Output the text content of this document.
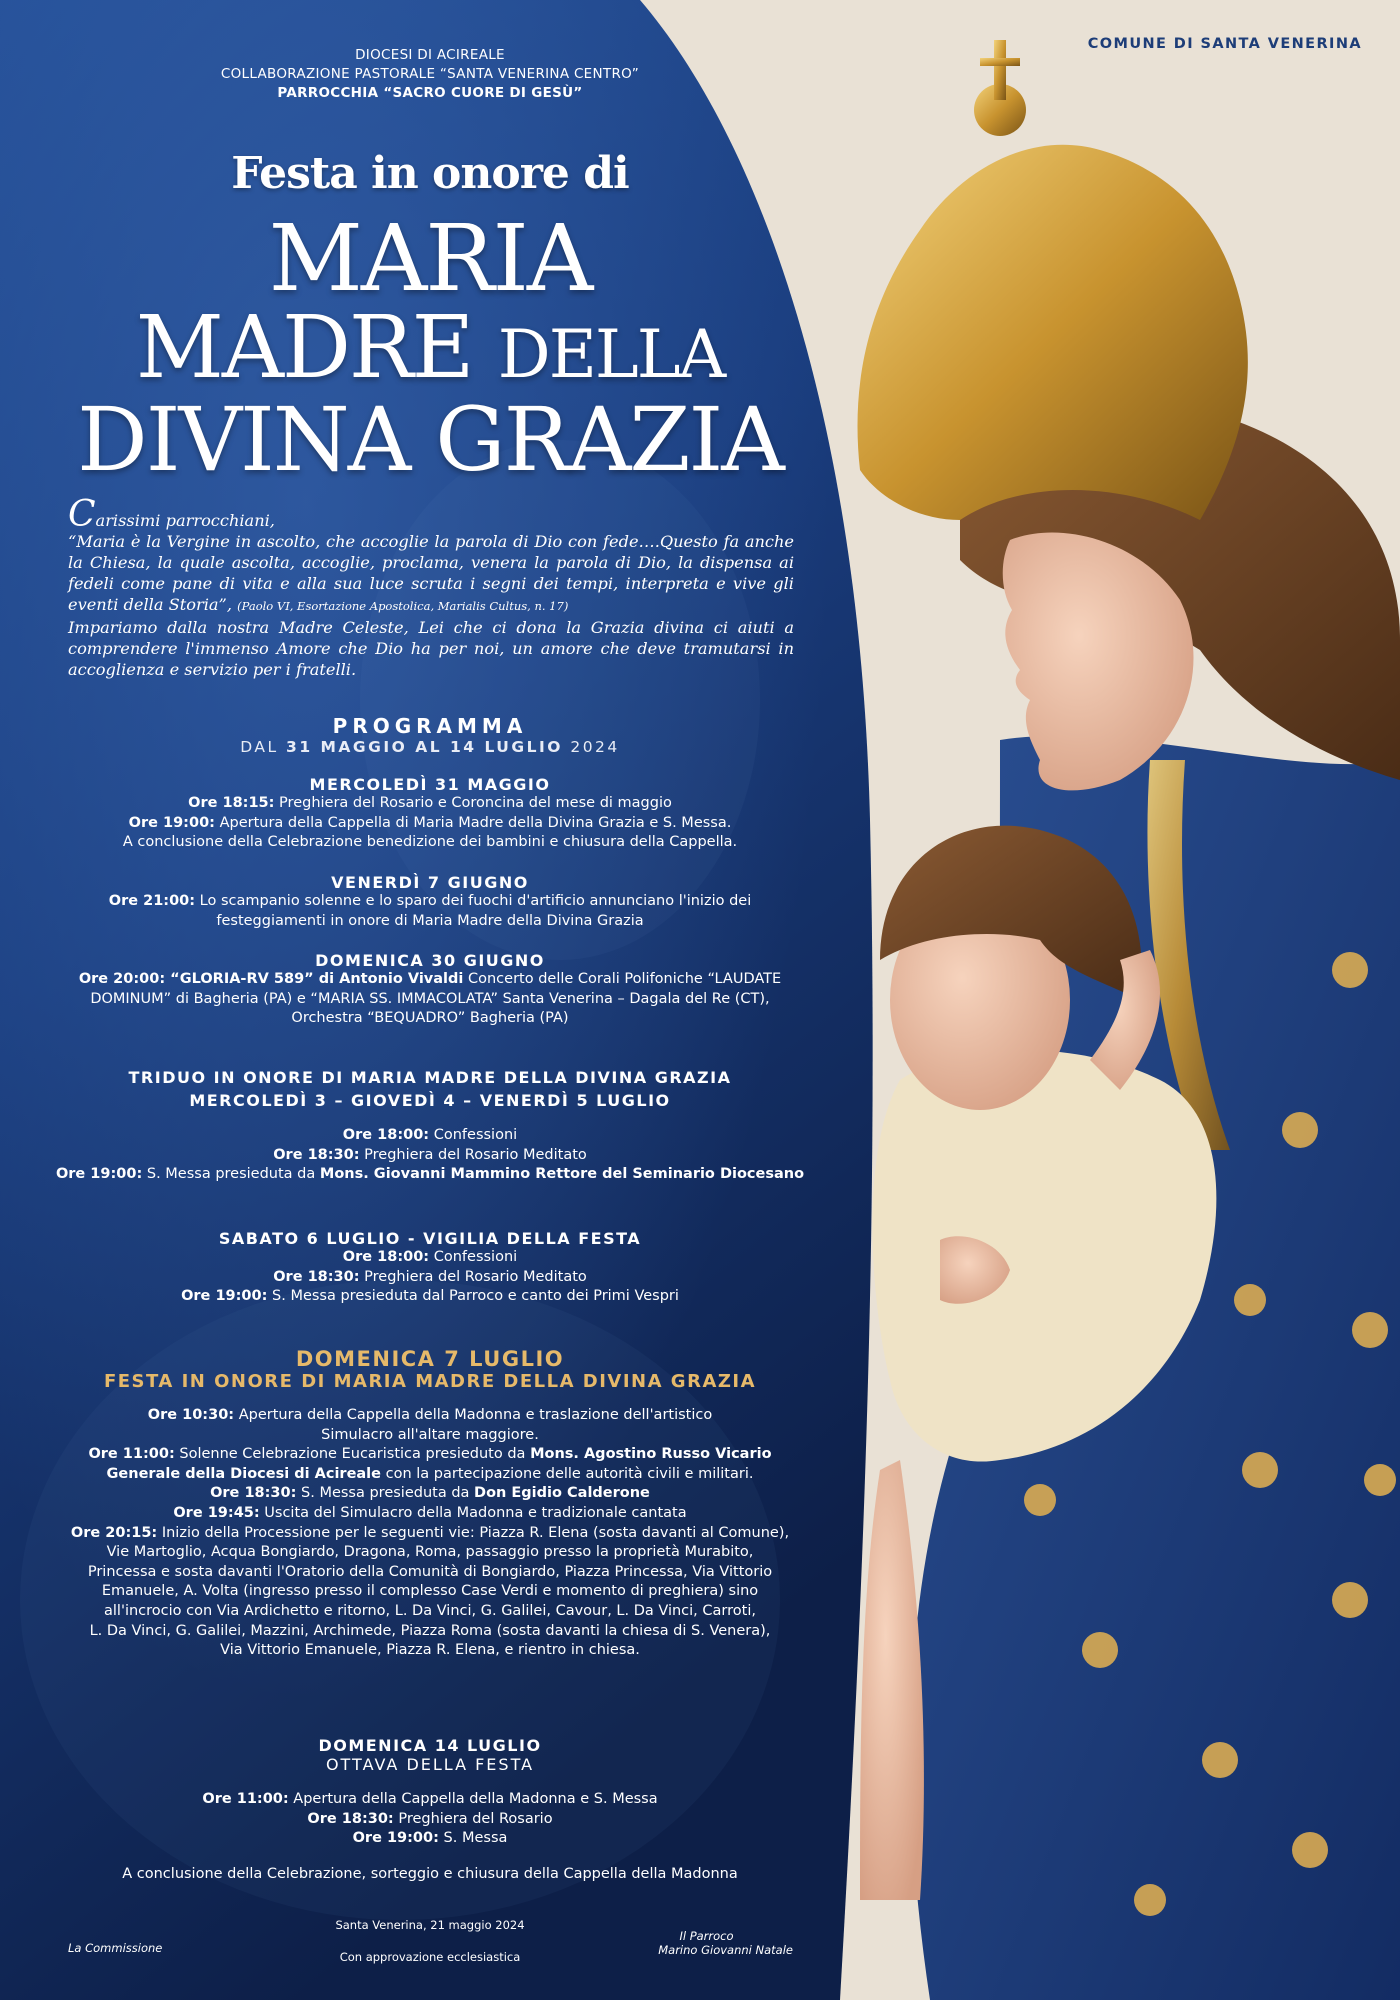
COMUNE DI SANTA VENERINA
DIOCESI DI ACIREALE
COLLABORAZIONE PASTORALE “SANTA VENERINA CENTRO”
PARROCCHIA “SACRO CUORE DI GESÙ”
Festa in onore di
MARIA
MADRE DELLA
DIVINA GRAZIA
Carissimi parrocchiani,
“Maria è la Vergine in ascolto, che accoglie la parola di Dio con fede….Questo fa anche la Chiesa, la quale ascolta, accoglie, proclama, venera la parola di Dio, la dispensa ai fedeli come pane di vita e alla sua luce scruta i segni dei tempi, interpreta e vive gli eventi della Storia”, (Paolo VI, Esortazione Apostolica, Marialis Cultus, n. 17)
Impariamo dalla nostra Madre Celeste, Lei che ci dona la Grazia divina ci aiuti a comprendere l'immenso Amore che Dio ha per noi, un amore che deve tramutarsi in accoglienza e servizio per i fratelli.
PROGRAMMA
DAL 31 MAGGIO AL 14 LUGLIO 2024
MERCOLEDÌ 31 MAGGIO
Ore 18:15: Preghiera del Rosario e Coroncina del mese di maggio
Ore 19:00: Apertura della Cappella di Maria Madre della Divina Grazia e S. Messa.
A conclusione della Celebrazione benedizione dei bambini e chiusura della Cappella.
VENERDÌ 7 GIUGNO
Ore 21:00: Lo scampanio solenne e lo sparo dei fuochi d'artificio annunciano l'inizio dei
festeggiamenti in onore di Maria Madre della Divina Grazia
DOMENICA 30 GIUGNO
Ore 20:00: “GLORIA-RV 589” di Antonio Vivaldi Concerto delle Corali Polifoniche “LAUDATE
DOMINUM” di Bagheria (PA) e “MARIA SS. IMMACOLATA” Santa Venerina – Dagala del Re (CT),
Orchestra “BEQUADRO” Bagheria (PA)
TRIDUO IN ONORE DI MARIA MADRE DELLA DIVINA GRAZIA
MERCOLEDÌ 3 – GIOVEDÌ 4 – VENERDÌ 5 LUGLIO
Ore 18:00: Confessioni
Ore 18:30: Preghiera del Rosario Meditato
Ore 19:00: S. Messa presieduta da Mons. Giovanni Mammino Rettore del Seminario Diocesano
SABATO 6 LUGLIO - VIGILIA DELLA FESTA
Ore 18:00: Confessioni
Ore 18:30: Preghiera del Rosario Meditato
Ore 19:00: S. Messa presieduta dal Parroco e canto dei Primi Vespri
DOMENICA 7 LUGLIO
FESTA IN ONORE DI MARIA MADRE DELLA DIVINA GRAZIA
Ore 10:30: Apertura della Cappella della Madonna e traslazione dell'artistico
Simulacro all'altare maggiore.
Ore 11:00: Solenne Celebrazione Eucaristica presieduto da Mons. Agostino Russo Vicario
Generale della Diocesi di Acireale con la partecipazione delle autorità civili e militari.
Ore 18:30: S. Messa presieduta da Don Egidio Calderone
Ore 19:45: Uscita del Simulacro della Madonna e tradizionale cantata
Ore 20:15: Inizio della Processione per le seguenti vie: Piazza R. Elena (sosta davanti al Comune),
Vie Martoglio, Acqua Bongiardo, Dragona, Roma, passaggio presso la proprietà Murabito,
Princessa e sosta davanti l'Oratorio della Comunità di Bongiardo, Piazza Princessa, Via Vittorio
Emanuele, A. Volta (ingresso presso il complesso Case Verdi e momento di preghiera) sino
all'incrocio con Via Ardichetto e ritorno, L. Da Vinci, G. Galilei, Cavour, L. Da Vinci, Carroti,
L. Da Vinci, G. Galilei, Mazzini, Archimede, Piazza Roma (sosta davanti la chiesa di S. Venera),
Via Vittorio Emanuele, Piazza R. Elena, e rientro in chiesa.
DOMENICA 14 LUGLIO
OTTAVA DELLA FESTA
Ore 11:00: Apertura della Cappella della Madonna e S. Messa
Ore 18:30: Preghiera del Rosario
Ore 19:00: S. Messa
A conclusione della Celebrazione, sorteggio e chiusura della Cappella della Madonna
La Commissione
Santa Venerina, 21 maggio 2024
Con approvazione ecclesiastica
Il Parroco
Marino Giovanni Natale
